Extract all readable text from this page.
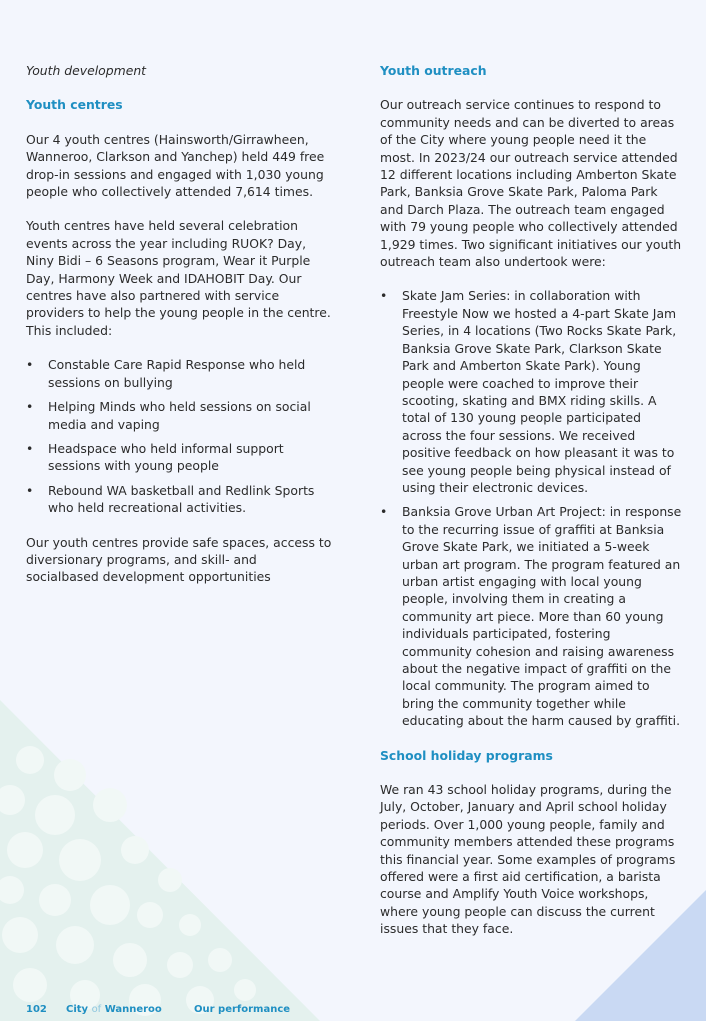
Youth development
Youth centres

Our 4 youth centres (Hainsworth/Girrawheen, Wanneroo, Clarkson and Yanchep) held 449 free drop-in sessions and engaged with 1,030 young people who collectively attended 7,614 times.

Youth centres have held several celebration events across the year including RUOK? Day, Niny Bidi – 6 Seasons program, Wear it Purple Day, Harmony Week and IDAHOBIT Day. Our centres have also partnered with service providers to help the young people in the centre. This included:

• Constable Care Rapid Response who held sessions on bullying
• Helping Minds who held sessions on social media and vaping
• Headspace who held informal support sessions with young people
• Rebound WA basketball and Redlink Sports who held recreational activities.

Our youth centres provide safe spaces, access to diversionary programs, and skill- and socialbased development opportunities

Youth outreach

Our outreach service continues to respond to community needs and can be diverted to areas of the City where young people need it the most. In 2023/24 our outreach service attended 12 different locations including Amberton Skate Park, Banksia Grove Skate Park, Paloma Park and Darch Plaza. The outreach team engaged with 79 young people who collectively attended 1,929 times. Two significant initiatives our youth outreach team also undertook were:

• Skate Jam Series: in collaboration with Freestyle Now we hosted a 4-part Skate Jam Series, in 4 locations (Two Rocks Skate Park, Banksia Grove Skate Park, Clarkson Skate Park and Amberton Skate Park). Young people were coached to improve their scooting, skating and BMX riding skills. A total of 130 young people participated across the four sessions. We received positive feedback on how pleasant it was to see young people being physical instead of using their electronic devices.
• Banksia Grove Urban Art Project: in response to the recurring issue of graffiti at Banksia Grove Skate Park, we initiated a 5-week urban art program. The program featured an urban artist engaging with local young people, involving them in creating a community art piece. More than 60 young individuals participated, fostering community cohesion and raising awareness about the negative impact of graffiti on the local community. The program aimed to bring the community together while educating about the harm caused by graffiti.
School holiday programs

We ran 43 school holiday programs, during the July, October, January and April school holiday periods. Over 1,000 young people, family and community members attended these programs this financial year. Some examples of programs offered were a first aid certification, a barista course and Amplify Youth Voice workshops, where young people can discuss the current issues that they face.

102 City of Wanneroo	Our performance
